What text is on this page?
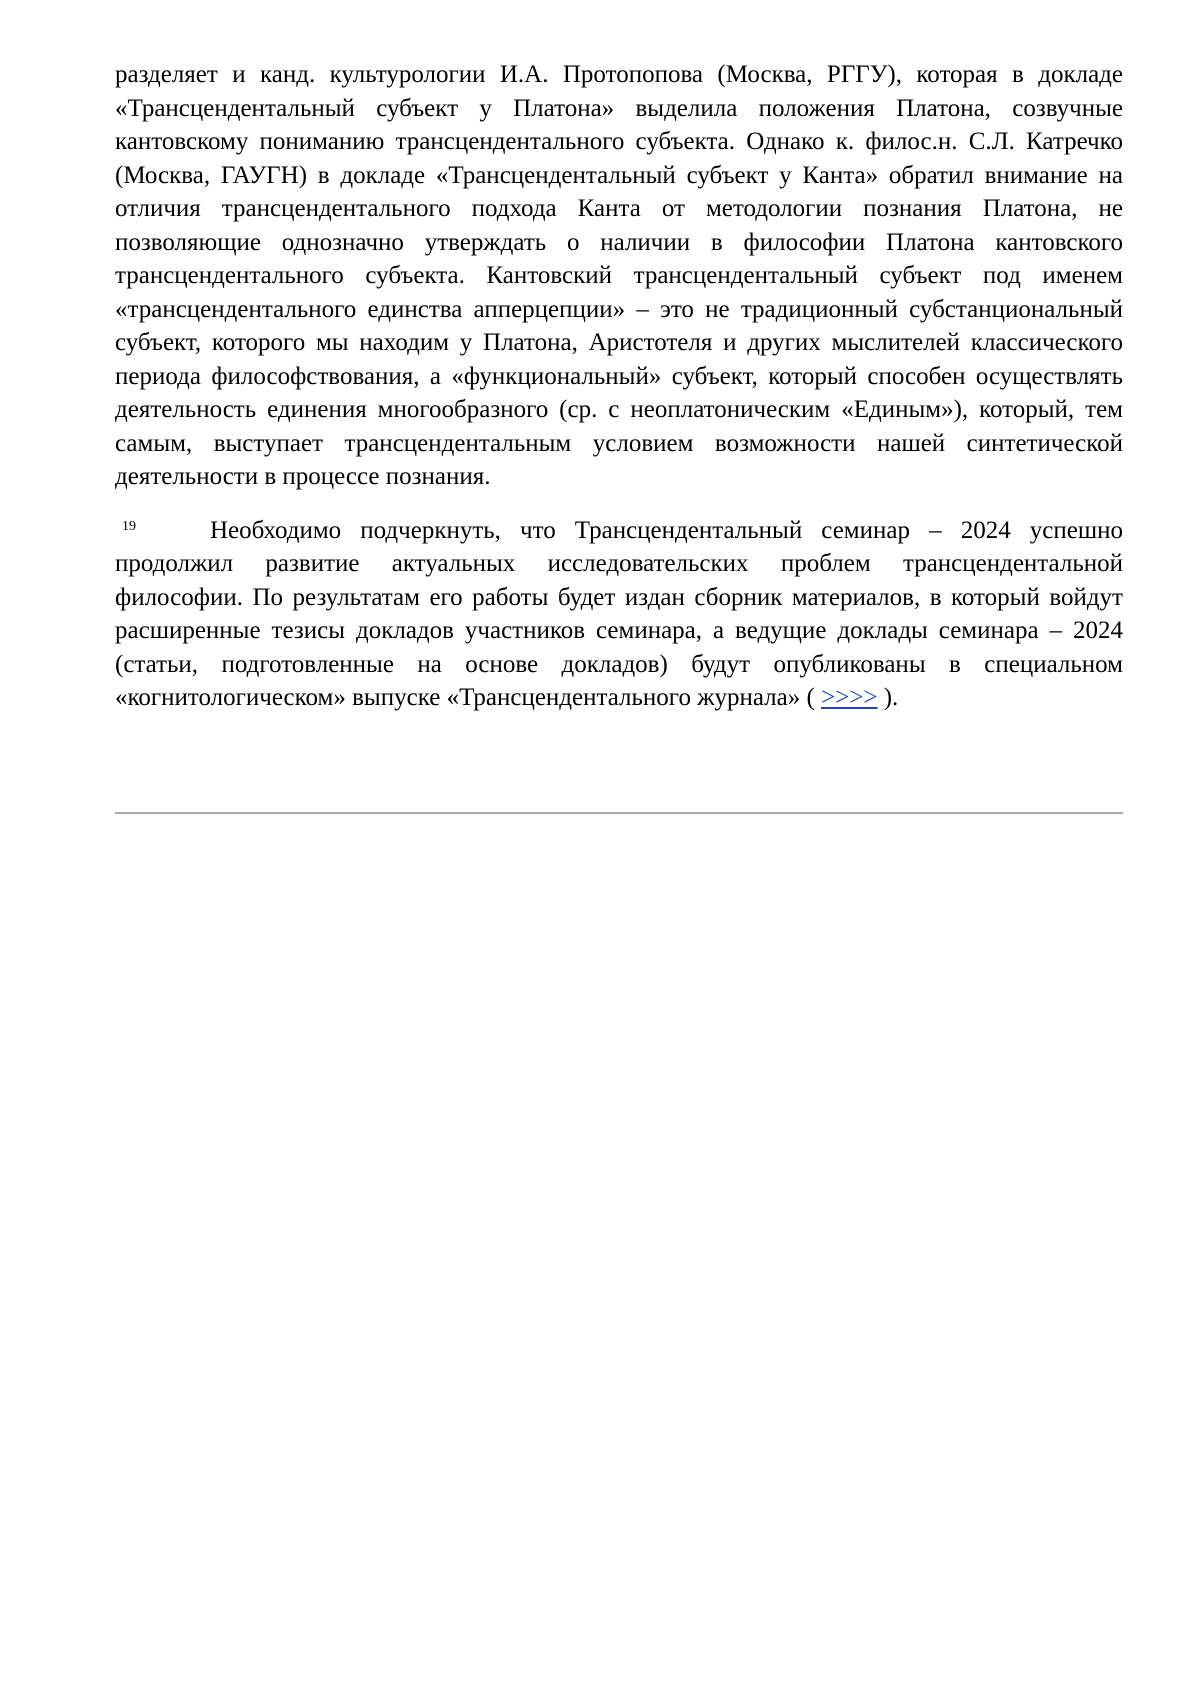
разделяет и канд. культурологии И.А. Протопопова (Москва, РГГУ), которая в докладе «Трансцендентальный субъект у Платона» выделила положения Платона, созвучные кантовскому пониманию трансцендентального субъекта. Однако к. филос.н. С.Л. Катречко (Москва, ГАУГН) в докладе «Трансцендентальный субъект у Канта» обратил внимание на отличия трансцендентального подхода Канта от методологии познания Платона, не позволяющие однозначно утверждать о наличии в философии Платона кантовского трансцендентального субъекта. Кантовский трансцендентальный субъект под именем «трансцендентального единства апперцепции» – это не традиционный субстанциональный субъект, которого мы находим у Платона, Аристотеля и других мыслителей классического периода философствования, а «функциональный» субъект, который способен осуществлять деятельность единения многообразного (ср. с неоплатоническим «Единым»), который, тем самым, выступает трансцендентальным условием возможности нашей синтетической деятельности в процессе познания.

19	Необходимо подчеркнуть, что Трансцендентальный семинар – 2024 успешно продолжил развитие актуальных исследовательских проблем трансцендентальной философии. По результатам его работы будет издан сборник материалов, в который войдут расширенные тезисы докладов участников семинара, а ведущие доклады семинара – 2024 (статьи, подготовленные на основе докладов) будут опубликованы в специальном «когнитологическом» выпуске «Трансцендентального журнала» ( >>>> ).
